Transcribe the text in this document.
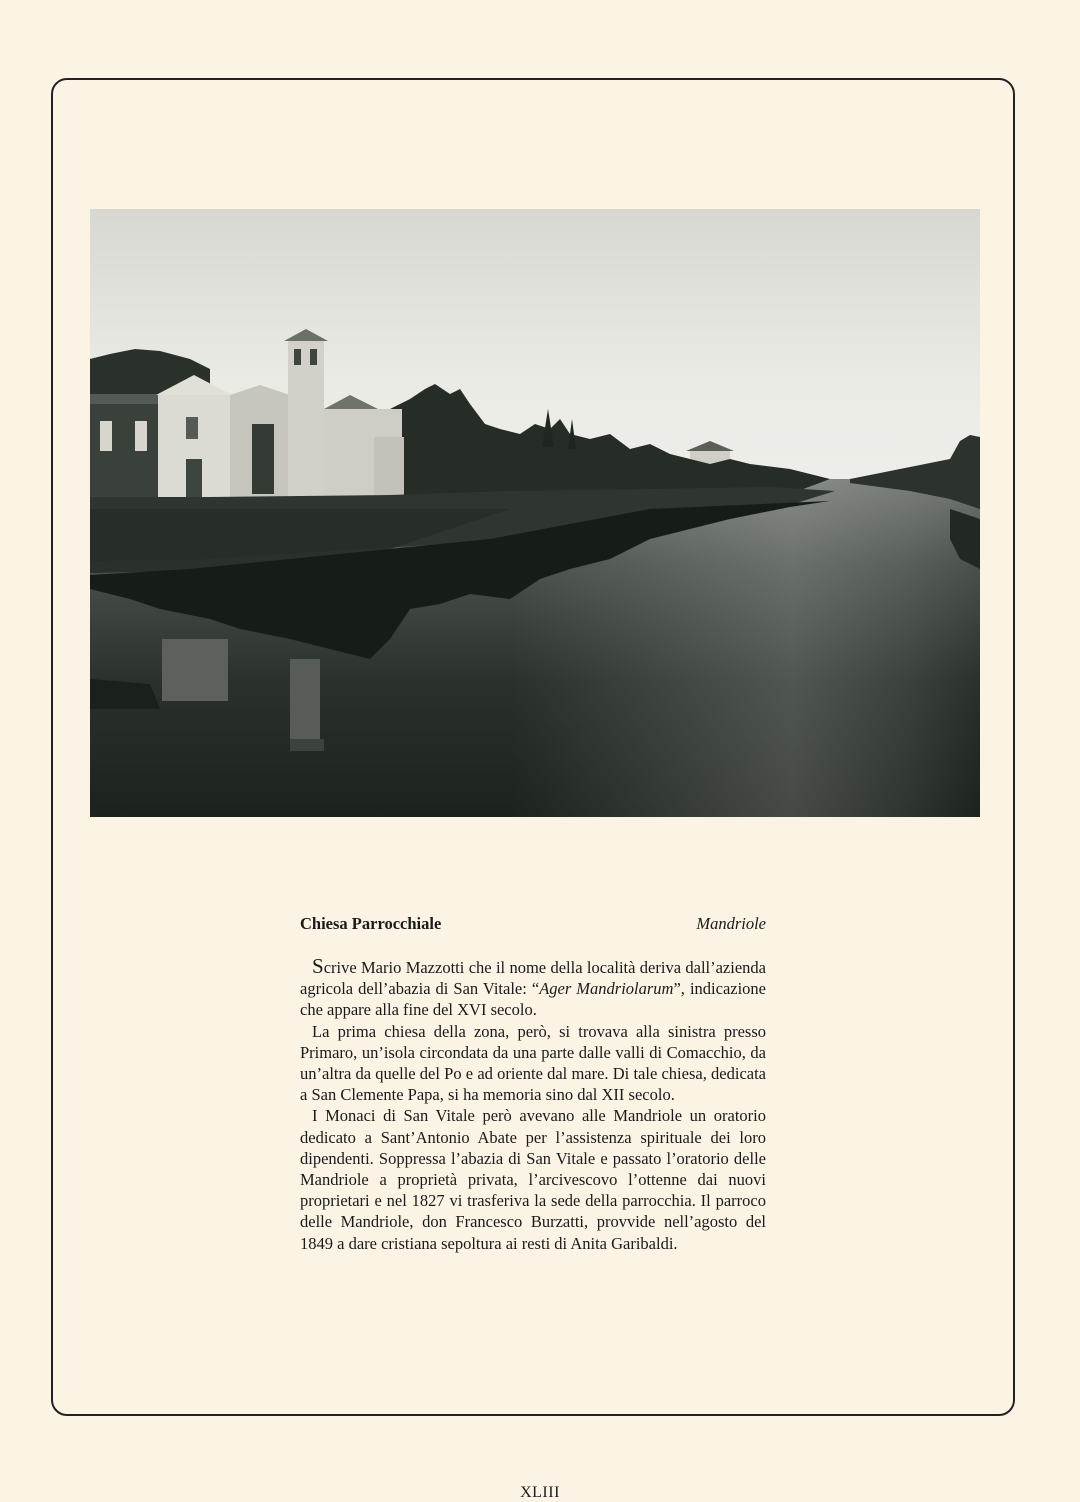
Chiesa Parrocchiale	Mandriole

Scrive Mario Mazzotti che il nome della località deriva dall’azienda agricola dell’abazia di San Vitale: “Ager Mandriolarum”, indicazione che appare alla fine del XVI secolo.

La prima chiesa della zona, però, si trovava alla sinistra presso Primaro, un’isola circondata da una parte dalle valli di Comacchio, da un’altra da quelle del Po e ad oriente dal mare. Di tale chiesa, dedicata a San Clemente Papa, si ha memoria sino dal XII secolo.

I Monaci di San Vitale però avevano alle Mandriole un oratorio dedicato a Sant’Antonio Abate per l’assistenza spirituale dei loro dipendenti. Soppressa l’abazia di San Vitale e passato l’oratorio delle Mandriole a proprietà privata, l’arcivescovo l’ottenne dai nuovi proprietari e nel 1827 vi trasferiva la sede della parrocchia. Il parroco delle Mandriole, don Francesco Burzatti, provvide nell’agosto del 1849 a dare cristiana sepoltura ai resti di Anita Garibaldi.

XLIII
